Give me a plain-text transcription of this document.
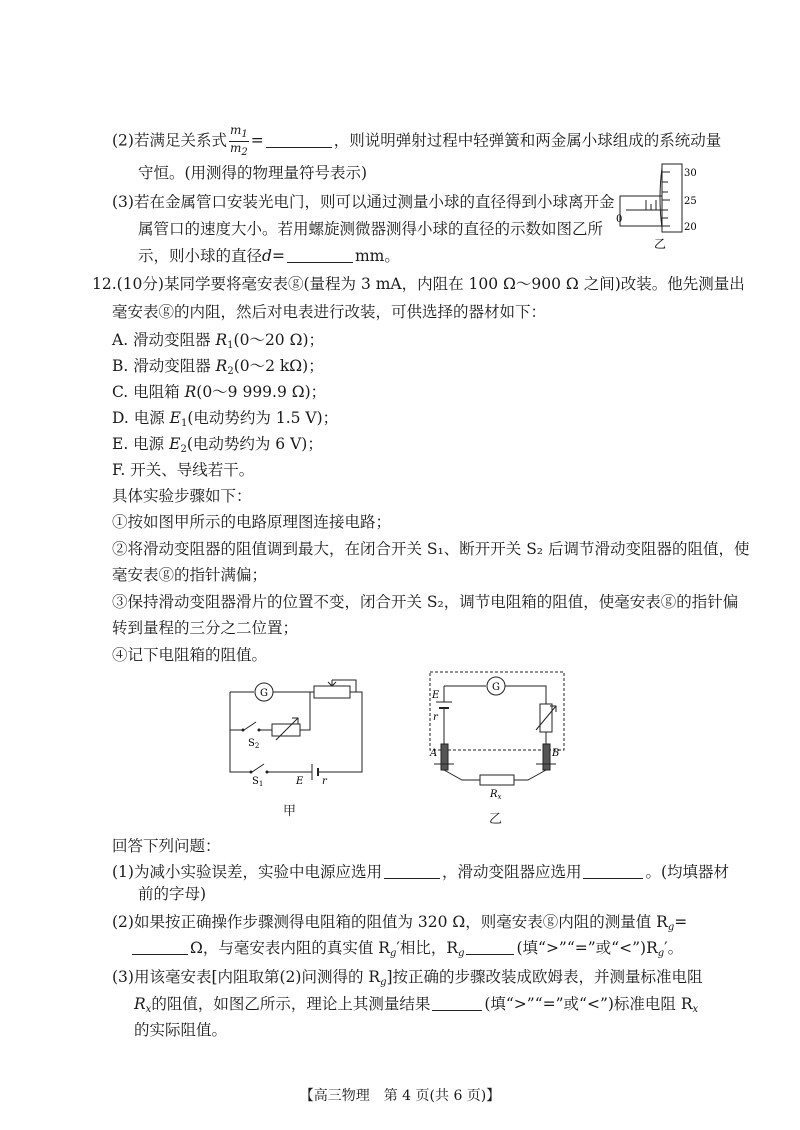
(2)若满足关系式 $\frac{m_1}{m_2}$ =	，则说明弹射过程中轻弹簧和两金属小球组成的系统动量
守恒。(用测得的物理量符号表示)
(3)若在金属管口安装光电门，则可以通过测量小球的直径得到小球离开金
属管口的速度大小。若用螺旋测微器测得小球的直径的示数如图乙所
示，则小球的直径d=	mm。
30
25
20
0
乙
12.(10分)某同学要将毫安表ⓖ(量程为 3 mA，内阻在 100 Ω～900 Ω 之间)改装。他先测量出
毫安表ⓖ的内阻，然后对电表进行改装，可供选择的器材如下：
A. 滑动变阻器 $R_1(0\sim 20$ Ω)；
B. 滑动变阻器 $R_2(0\sim 2$ kΩ)；
C. 电阻箱 R(0～9 999.9 Ω)；
D. 电源 $E_1$(电动势约为 1.5 V)；
E. 电源 $E_2$(电动势约为 6 V)；
F. 开关、导线若干。
具体实验步骤如下：
①按如图甲所示的电路原理图连接电路；
②将滑动变阻器的阻值调到最大，在闭合开关 S₁、断开开关 S₂ 后调节滑动变阻器的阻值，使
毫安表ⓖ的指针满偏；
③保持滑动变阻器滑片的位置不变，闭合开关 S₂，调节电阻箱的阻值，使毫安表ⓖ的指针偏
转到量程的三分之二位置；
④记下电阻箱的阻值。
G
$S_2$
$S_1$	E r
甲
G
E
r
A	B
$R_x$
乙
回答下列问题：
(1)为减小实验误差，实验中电源应选用	，滑动变阻器应选用	。(均填器材
前的字母)
(2)如果按正确操作步骤测得电阻箱的阻值为 320 Ω，则毫安表ⓖ内阻的测量值 $R_g=$
Ω，与毫安表内阻的真实值 $R_g'$相比，$R_g$	(填“>”“=”或“$<”)R_g'$。
(3)用该毫安表[内阻取第(2)问测得的 $R_g$]按正确的步骤改装成欧姆表，并测量标准电阻
$R_x$的阻值，如图乙所示，理论上其测量结果	(填“>”“=”或“<”)标准电阻 $R_x$
的实际阻值。
【高三物理　第 4 页(共 6 页)】
